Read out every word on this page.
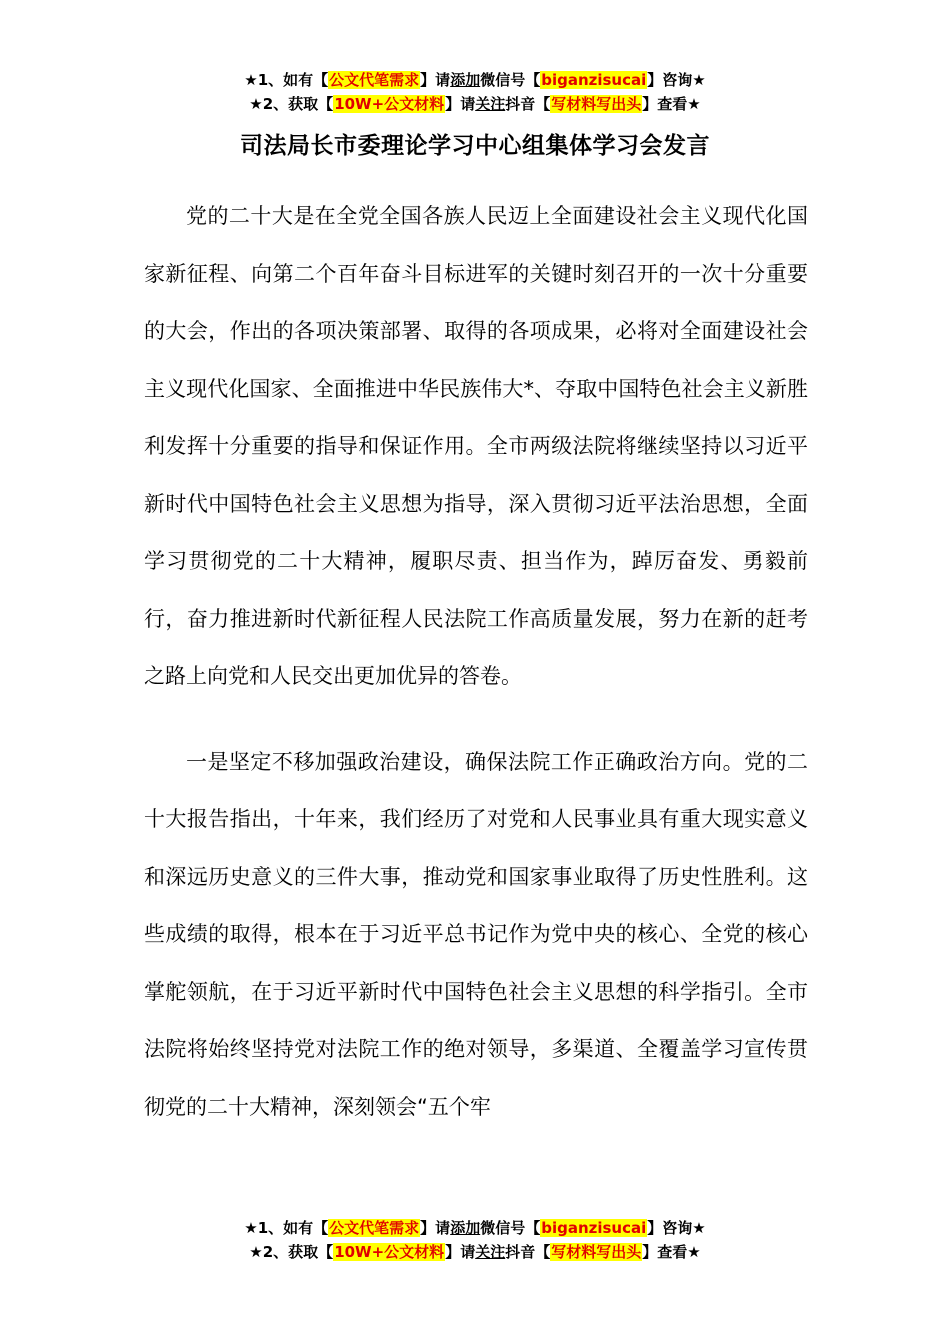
★1、如有【公文代笔需求】请添加微信号【biganzisucai】咨询★
★2、获取【10W+公文材料】请关注抖音【写材料写出头】查看★
司法局长市委理论学习中心组集体学习会发言

党的二十大是在全党全国各族人民迈上全面建设社会主义现代化国家新征程、向第二个百年奋斗目标进军的关键时刻召开的一次十分重要的大会，作出的各项决策部署、取得的各项成果，必将对全面建设社会主义现代化国家、全面推进中华民族伟大*、夺取中国特色社会主义新胜利发挥十分重要的指导和保证作用。全市两级法院将继续坚持以习近平新时代中国特色社会主义思想为指导，深入贯彻习近平法治思想，全面学习贯彻党的二十大精神，履职尽责、担当作为，踔厉奋发、勇毅前行，奋力推进新时代新征程人民法院工作高质量发展，努力在新的赶考之路上向党和人民交出更加优异的答卷。

一是坚定不移加强政治建设，确保法院工作正确政治方向。党的二十大报告指出，十年来，我们经历了对党和人民事业具有重大现实意义和深远历史意义的三件大事，推动党和国家事业取得了历史性胜利。这些成绩的取得，根本在于习近平总书记作为党中央的核心、全党的核心掌舵领航，在于习近平新时代中国特色社会主义思想的科学指引。全市法院将始终坚持党对法院工作的绝对领导，多渠道、全覆盖学习宣传贯彻党的二十大精神，深刻领会“五个牢

★1、如有【公文代笔需求】请添加微信号【biganzisucai】咨询★
★2、获取【10W+公文材料】请关注抖音【写材料写出头】查看★
